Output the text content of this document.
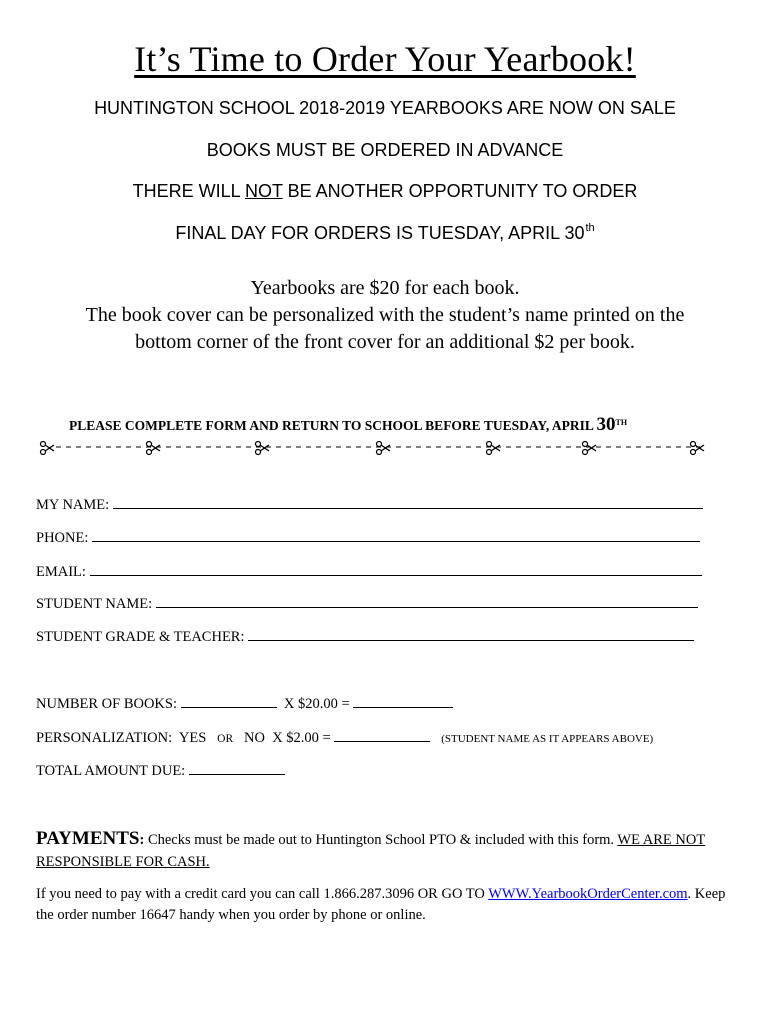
It’s Time to Order Your Yearbook!
HUNTINGTON SCHOOL 2018-2019 YEARBOOKS ARE NOW ON SALE
BOOKS MUST BE ORDERED IN ADVANCE
THERE WILL NOT BE ANOTHER OPPORTUNITY TO ORDER
FINAL DAY FOR ORDERS IS TUESDAY, APRIL 30th
Yearbooks are $20 for each book.
The book cover can be personalized with the student’s name printed on the
bottom corner of the front cover for an additional $2 per book.
PLEASE COMPLETE FORM AND RETURN TO SCHOOL BEFORE TUESDAY, APRIL 30TH
MY NAME:
PHONE:
EMAIL:
STUDENT NAME:
STUDENT GRADE & TEACHER:
NUMBER OF BOOKS:	X $20.00 =
PERSONALIZATION: YES OR NO X $2.00 =	(STUDENT NAME AS IT APPEARS ABOVE)
TOTAL AMOUNT DUE:
PAYMENTS: Checks must be made out to Huntington School PTO & included with this form. WE ARE NOT RESPONSIBLE FOR CASH.
If you need to pay with a credit card you can call 1.866.287.3096 OR GO TO WWW.YearbookOrderCenter.com. Keep the order number 16647 handy when you order by phone or online.
